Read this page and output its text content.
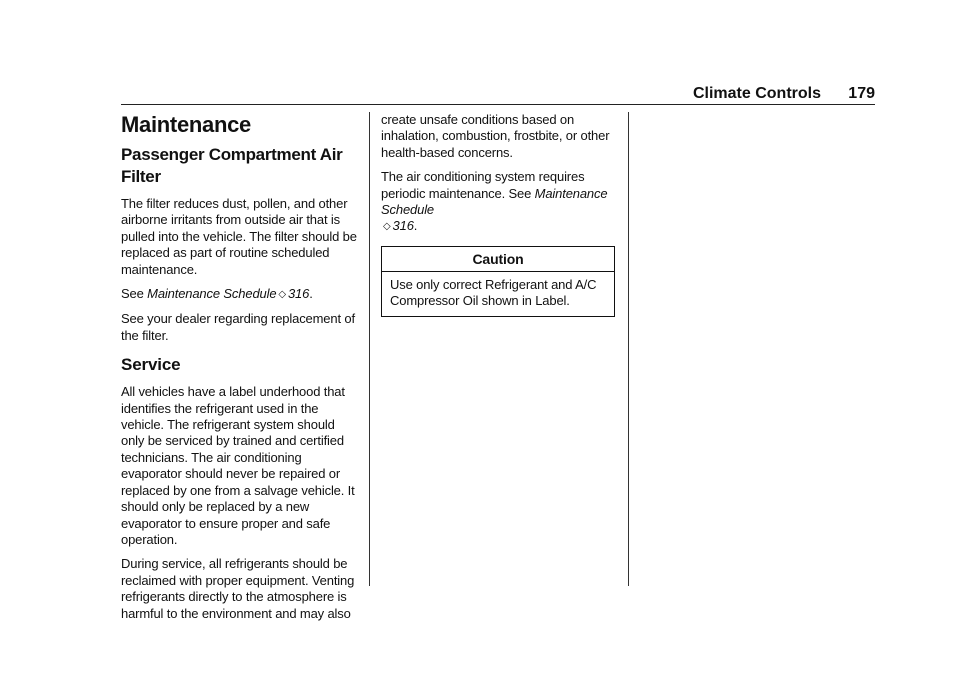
Climate Controls 179
Maintenance
Passenger Compartment Air Filter

The filter reduces dust, pollen, and other airborne irritants from outside air that is pulled into the vehicle. The filter should be replaced as part of routine scheduled maintenance.

See Maintenance Schedule ◇ 316.

See your dealer regarding replacement of the filter.

Service

All vehicles have a label underhood that identifies the refrigerant used in the vehicle. The refrigerant system should only be serviced by trained and certified technicians. The air conditioning evaporator should never be repaired or replaced by one from a salvage vehicle. It should only be replaced by a new evaporator to ensure proper and safe operation.

During service, all refrigerants should be reclaimed with proper equipment. Venting refrigerants directly to the atmosphere is harmful to the environment and may also

create unsafe conditions based on inhalation, combustion, frostbite, or other health-based concerns.

The air conditioning system requires periodic maintenance. See Maintenance Schedule
◇ 316.

Caution
Use only correct Refrigerant and A/C Compressor Oil shown in Label.
